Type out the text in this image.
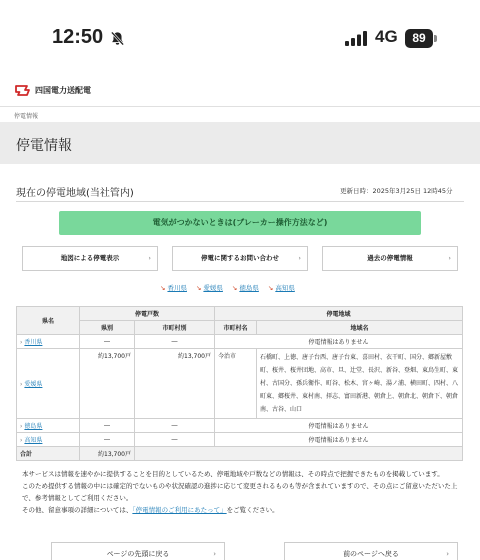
12:50	4G	89
四国電力送配電
停電情報
停電情報
現在の停電地域(当社管内)	更新日時：2025年3月25日 12時45分
電気がつかないときは(ブレーカー操作方法など)
地図による停電表示	›	停電に関するお問い合わせ	›	過去の停電情報	›
↘ 香川県 ↘ 愛媛県 ↘ 徳島県 ↘ 高知県
県名	停電戸数		停電地域	
	県別	市町村別	市町村名	地域名
› 香川県	―	―	停電情報はありません	
› 愛媛県	約13,700戸	約13,700戸	今治市	石橋町、上徳、唐子台西、唐子台東、喜田村、衣干町、国分、郷新屋敷町、桜井、桜井団地、高市、旦、辻堂、長沢、新谷、登畑、東鳥生町、東村、古国分、孫兵衛作、町谷、松木、宮ヶ崎、湯ノ浦、横田町、四村、八町東、郷桜井、東村南、拝志、富田新港、朝倉上、朝倉北、朝倉下、朝倉南、古谷、山口
› 徳島県	―	―	停電情報はありません	
› 高知県	―	―	停電情報はありません	
合計	約13,700戸			

本サービスは情報を速やかに提供することを目的としているため、停電地域や戸数などの情報は、その時点で把握できたものを掲載しています。

このため提供する情報の中には確定的でないものや状況確認の進捗に応じて変更されるものも等が含まれていますので、その点にご留意いただいた上で、参考情報としてご利用ください。

その他、留意事項の詳細については、「停電情報のご利用にあたって」をご覧ください。

ページの先頭に戻る	›	前のページへ戻る	›
